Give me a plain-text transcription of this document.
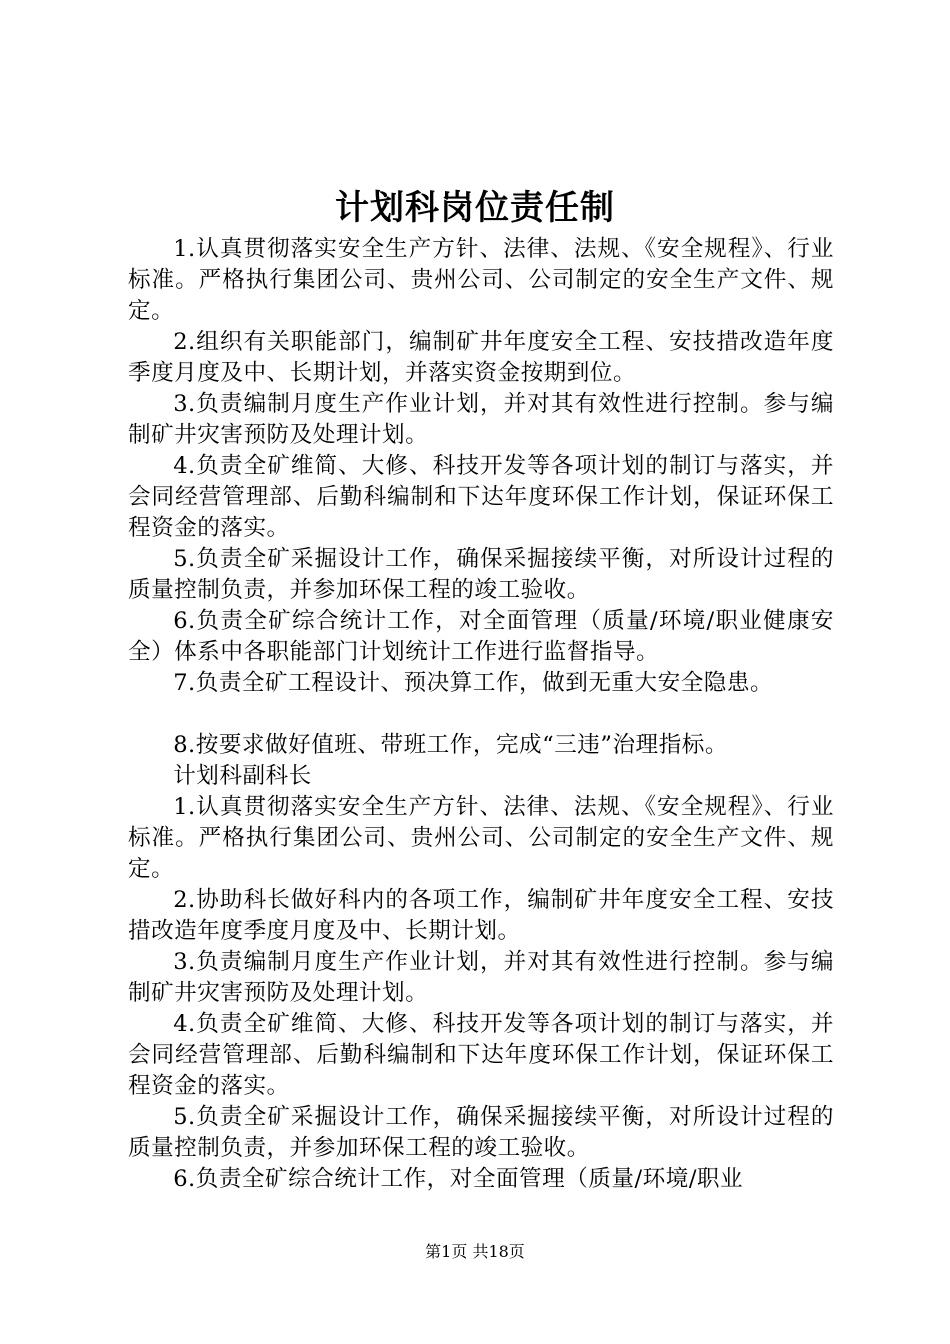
计划科岗位责任制

1.认真贯彻落实安全生产方针、法律、法规、《安全规程》、行业标准。严格执行集团公司、贵州公司、公司制定的安全生产文件、规定。

2.组织有关职能部门，编制矿井年度安全工程、安技措改造年度季度月度及中、长期计划，并落实资金按期到位。

3.负责编制月度生产作业计划，并对其有效性进行控制。参与编制矿井灾害预防及处理计划。

4.负责全矿维简、大修、科技开发等各项计划的制订与落实，并会同经营管理部、后勤科编制和下达年度环保工作计划，保证环保工程资金的落实。

5.负责全矿采掘设计工作，确保采掘接续平衡，对所设计过程的质量控制负责，并参加环保工程的竣工验收。

6.负责全矿综合统计工作，对全面管理（质量/环境/职业健康安全）体系中各职能部门计划统计工作进行监督指导。

7.负责全矿工程设计、预决算工作，做到无重大安全隐患。

8.按要求做好值班、带班工作，完成“三违”治理指标。

计划科副科长

1.认真贯彻落实安全生产方针、法律、法规、《安全规程》、行业标准。严格执行集团公司、贵州公司、公司制定的安全生产文件、规定。

2.协助科长做好科内的各项工作，编制矿井年度安全工程、安技措改造年度季度月度及中、长期计划。

3.负责编制月度生产作业计划，并对其有效性进行控制。参与编制矿井灾害预防及处理计划。

4.负责全矿维简、大修、科技开发等各项计划的制订与落实，并会同经营管理部、后勤科编制和下达年度环保工作计划，保证环保工程资金的落实。

5.负责全矿采掘设计工作，确保采掘接续平衡，对所设计过程的质量控制负责，并参加环保工程的竣工验收。

6.负责全矿综合统计工作，对全面管理（质量/环境/职业

第1页 共18页
